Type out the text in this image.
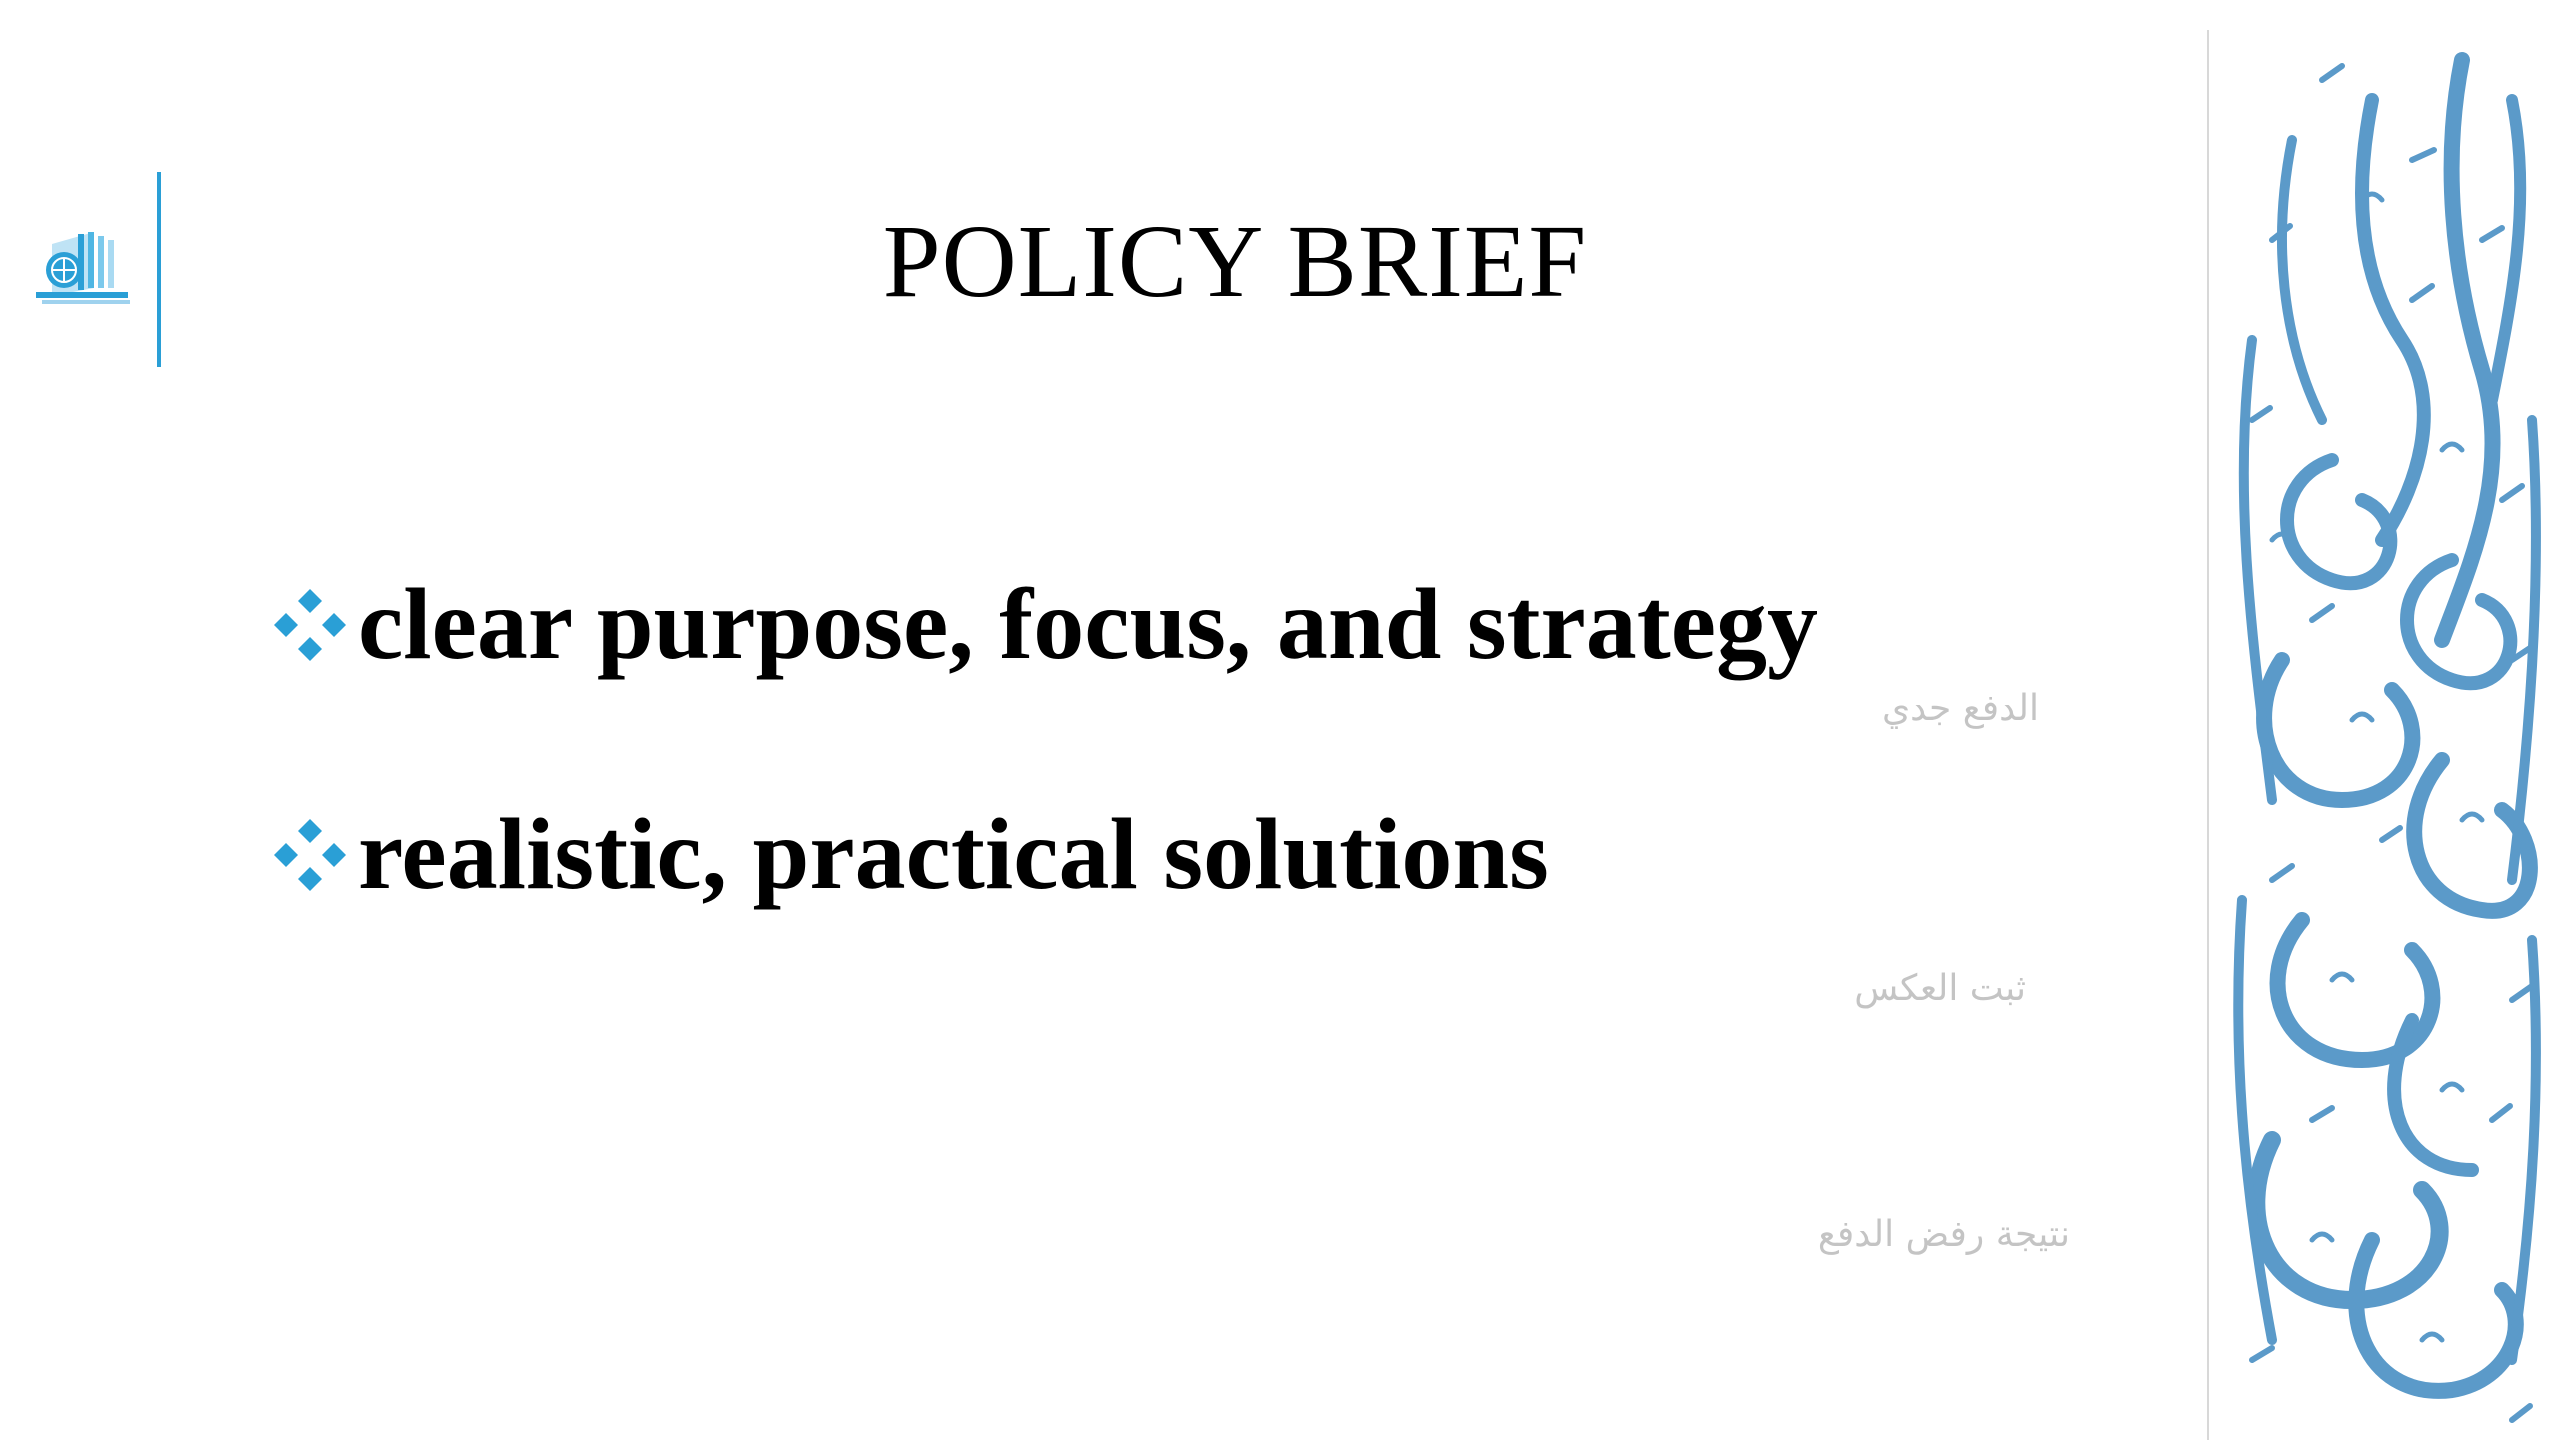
POLICY BRIEF
clear purpose, focus, and strategy
realistic, practical solutions
الدفع جدي
ثبت العكس
نتيجة رفض الدفع
